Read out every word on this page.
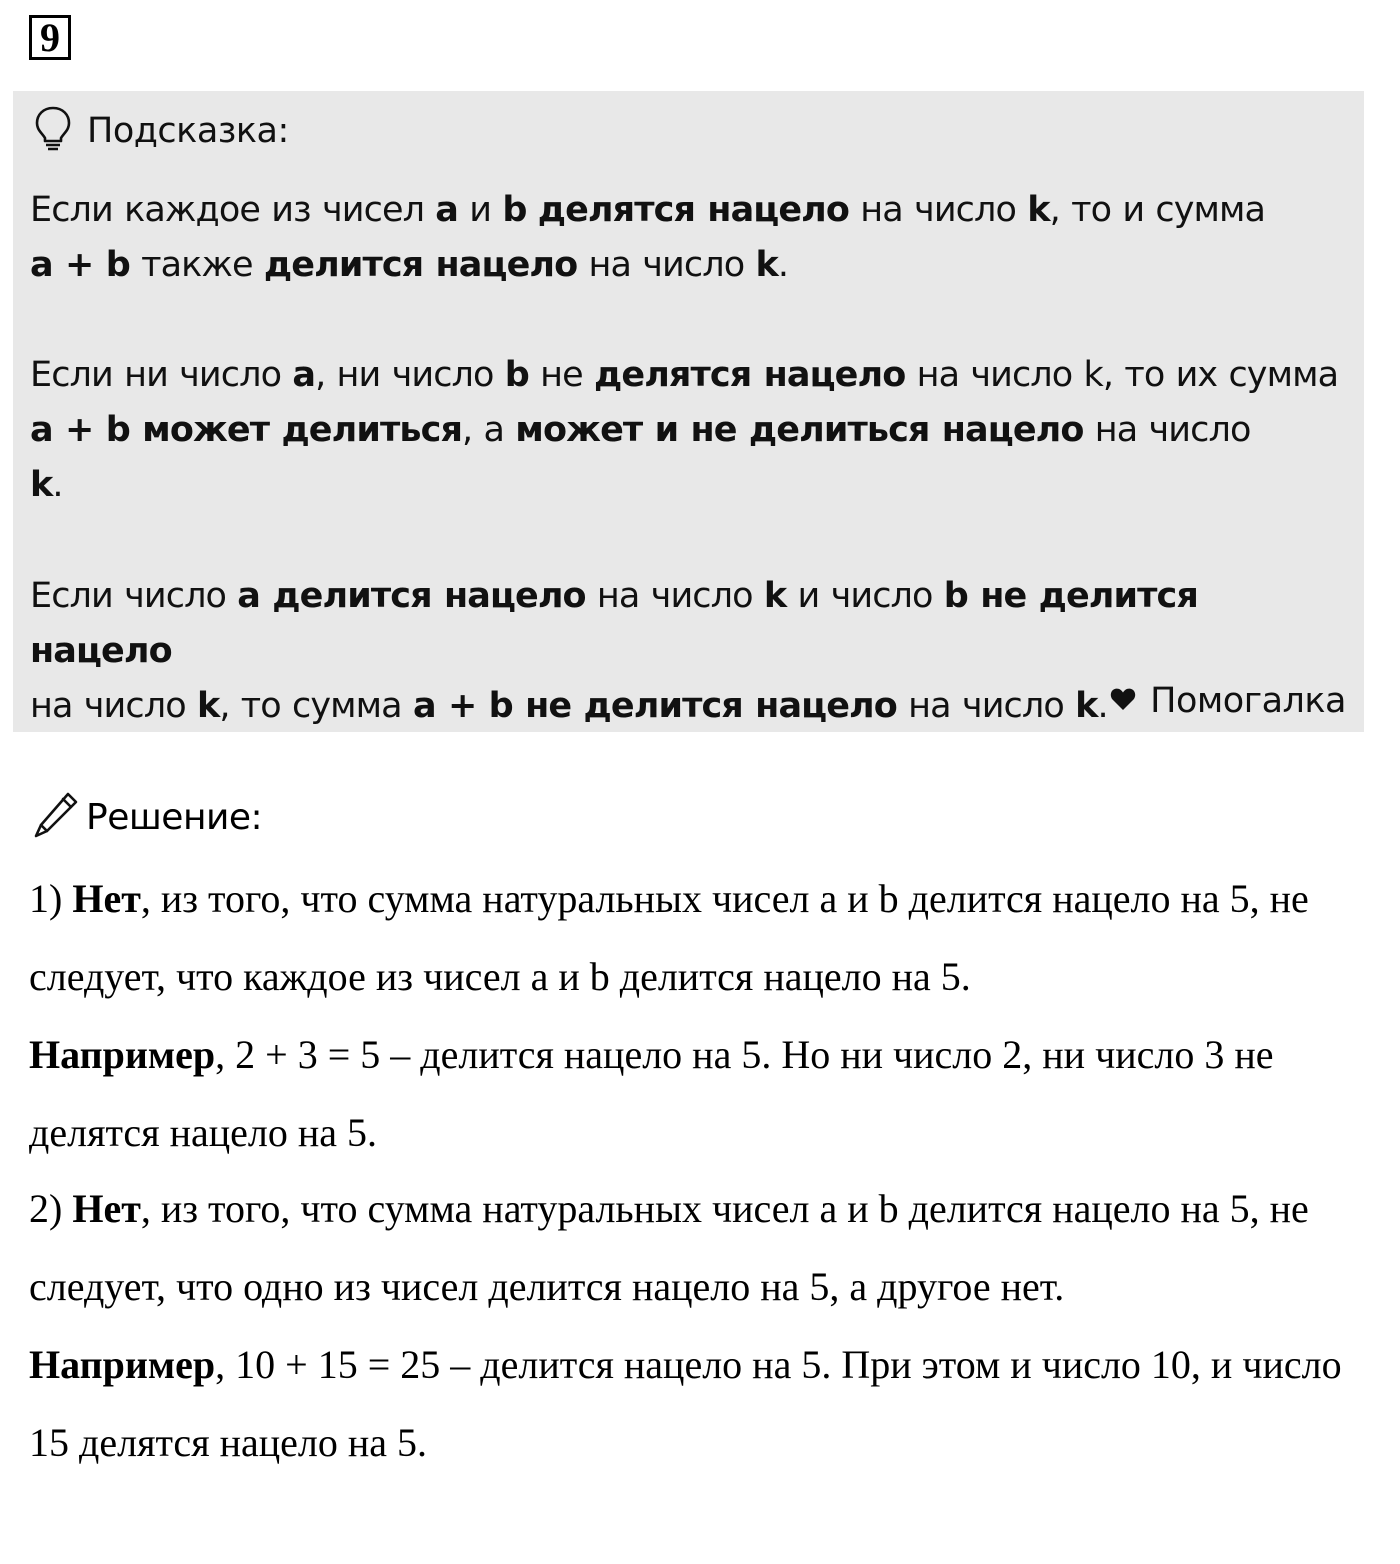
9
Подсказка:

Если каждое из чисел a и b делятся нацело на число k, то и сумма
a + b также делится нацело на число k.

Если ни число a, ни число b не делятся нацело на число k, то их сумма a + b может делиться, а может и не делиться нацело на число
k.

Если число a делится нацело на число k и число b не делится нацело
на число k, то сумма a + b не делится нацело на число k.	Помогалка
Решение:

1) Нет, из того, что сумма натуральных чисел a и b делится нацело на 5, не следует, что каждое из чисел a и b делится нацело на 5.
Например, 2 + 3 = 5 – делится нацело на 5. Но ни число 2, ни число 3 не делятся нацело на 5.

2) Нет, из того, что сумма натуральных чисел a и b делится нацело на 5, не следует, что одно из чисел делится нацело на 5, а другое нет.
Например, 10 + 15 = 25 – делится нацело на 5. При этом и число 10, и число 15 делятся нацело на 5.
